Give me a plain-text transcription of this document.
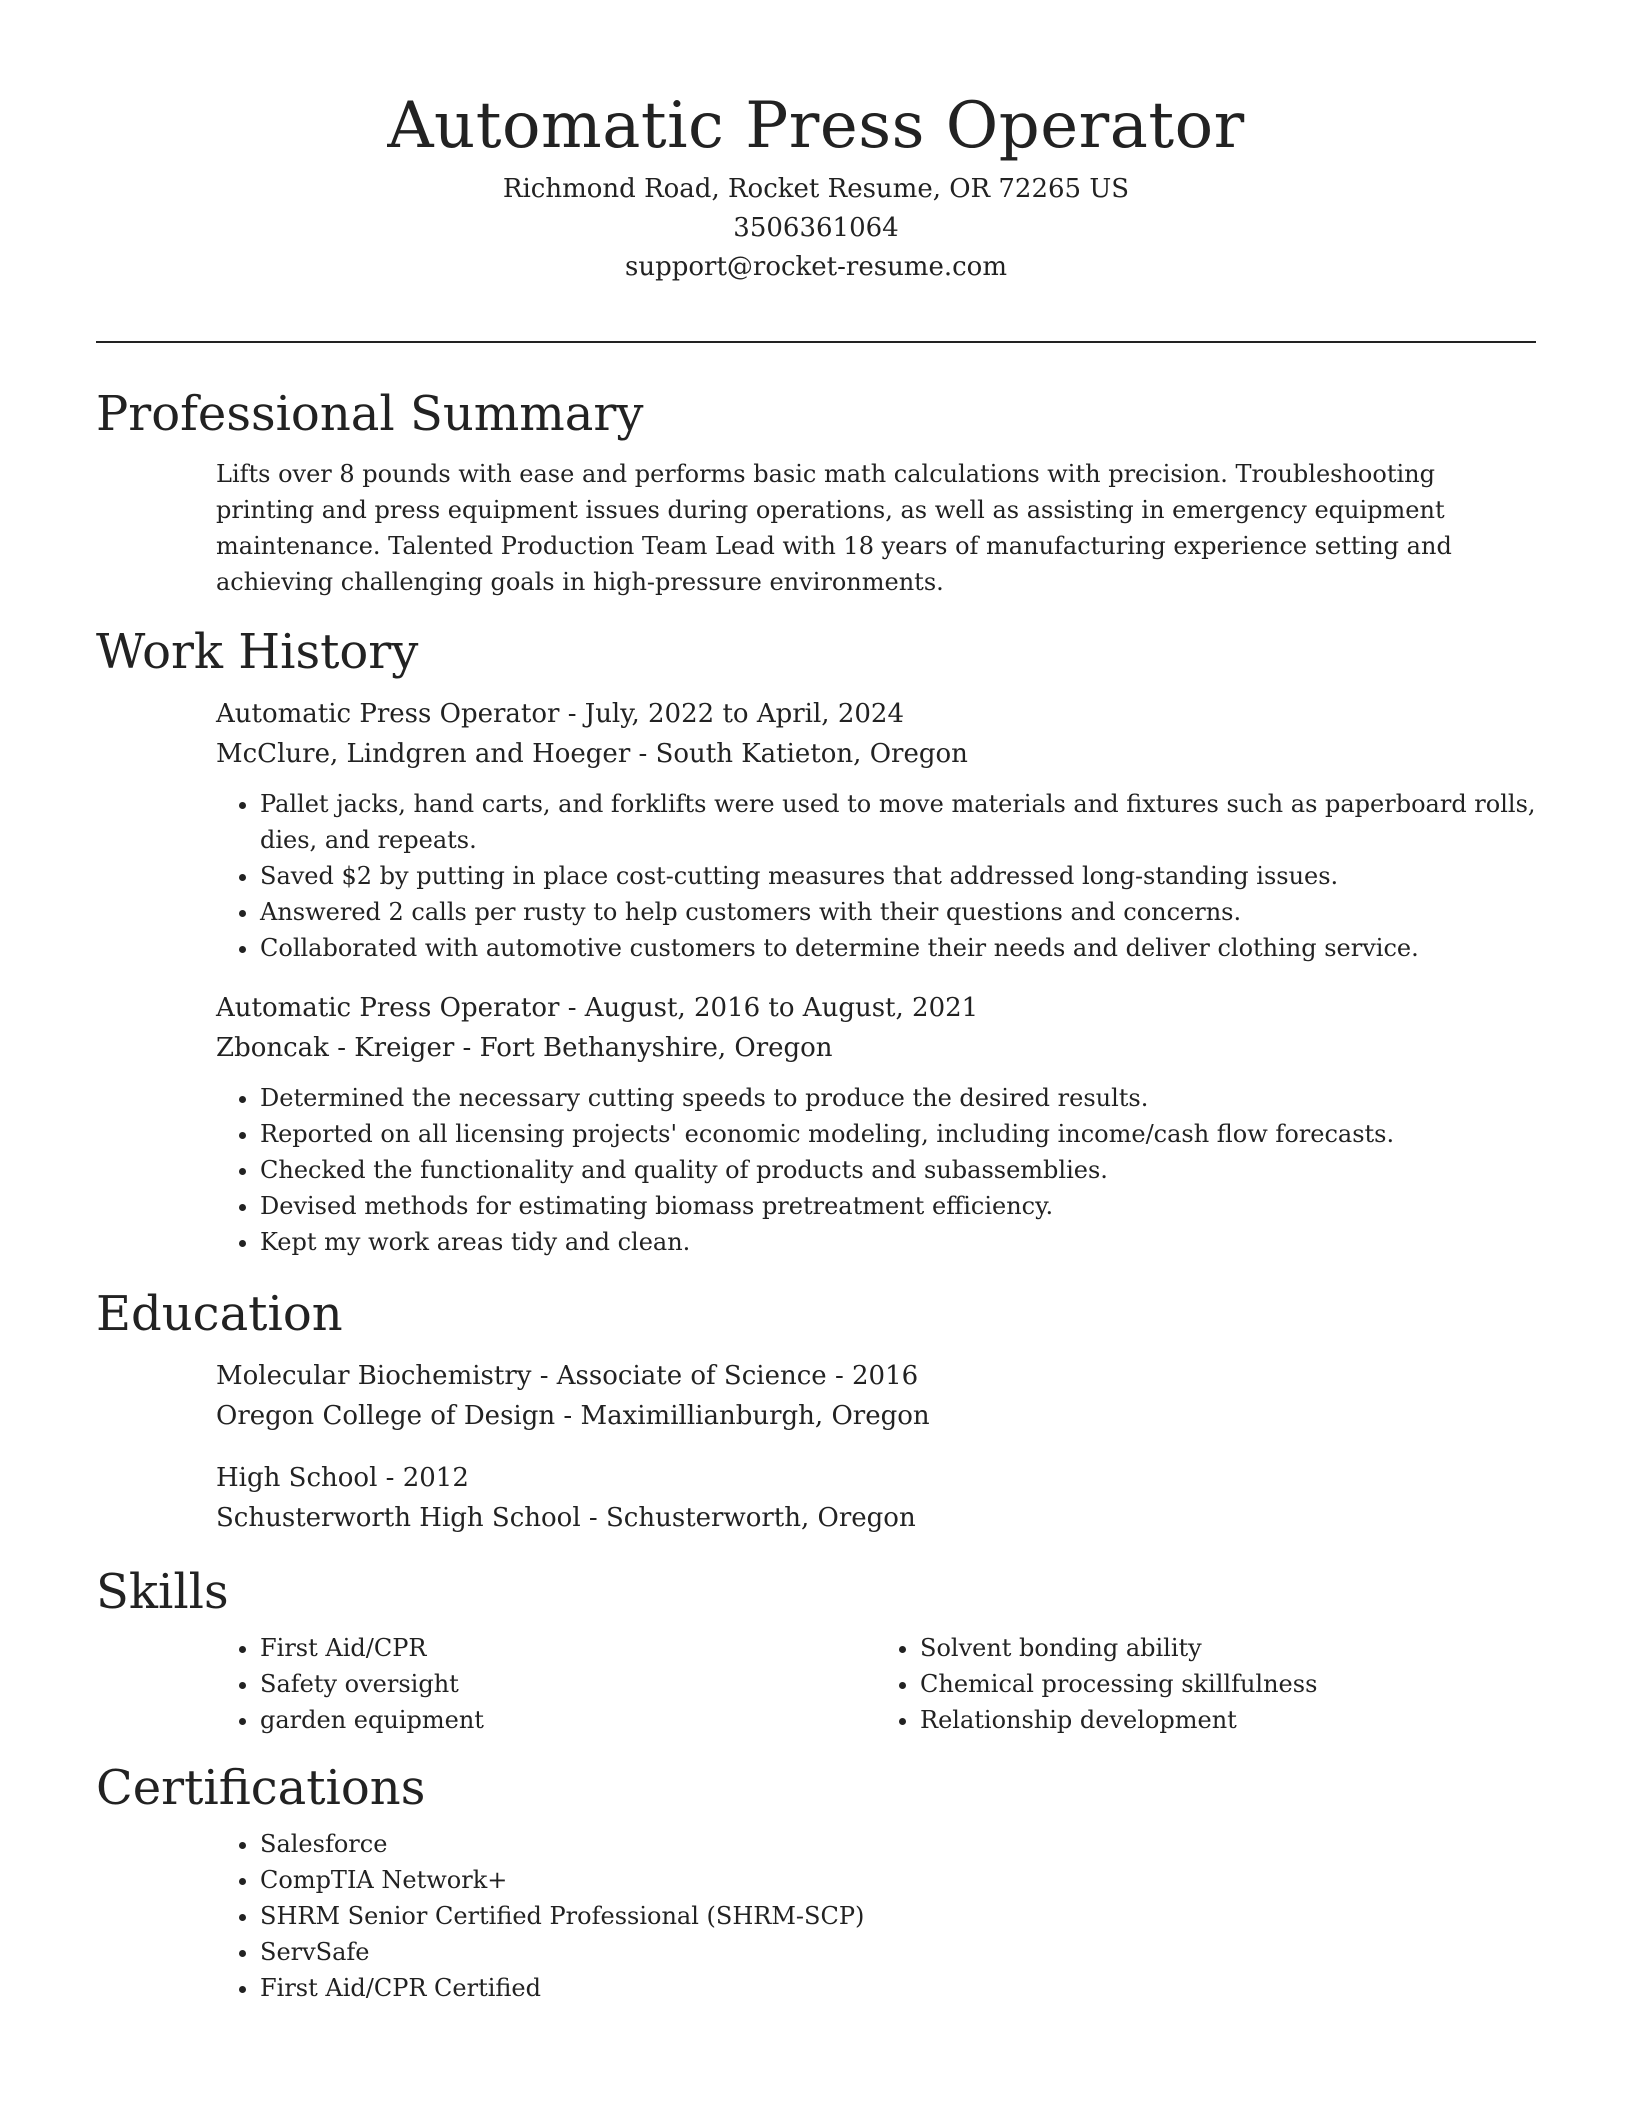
Automatic Press Operator
Richmond Road, Rocket Resume, OR 72265 US
3506361064
support@rocket-resume.com
Professional Summary

Lifts over 8 pounds with ease and performs basic math calculations with precision. Troubleshooting printing and press equipment issues during operations, as well as assisting in emergency equipment maintenance. Talented Production Team Lead with 18 years of manufacturing experience setting and achieving challenging goals in high-pressure environments.

Work History
Automatic Press Operator - July, 2022 to April, 2024
McClure, Lindgren and Hoeger - South Katieton, Oregon
• Pallet jacks, hand carts, and forklifts were used to move materials and fixtures such as paperboard rolls, dies, and repeats.
• Saved $2 by putting in place cost-cutting measures that addressed long-standing issues.
• Answered 2 calls per rusty to help customers with their questions and concerns.
• Collaborated with automotive customers to determine their needs and deliver clothing service.
Automatic Press Operator - August, 2016 to August, 2021
Zboncak - Kreiger - Fort Bethanyshire, Oregon
• Determined the necessary cutting speeds to produce the desired results.
• Reported on all licensing projects' economic modeling, including income/cash flow forecasts.
• Checked the functionality and quality of products and subassemblies.
• Devised methods for estimating biomass pretreatment efficiency.
• Kept my work areas tidy and clean.
Education
Molecular Biochemistry - Associate of Science - 2016
Oregon College of Design - Maximillianburgh, Oregon
High School - 2012
Schusterworth High School - Schusterworth, Oregon
Skills
• First Aid/CPR
• Safety oversight
• garden equipment
• Solvent bonding ability
• Chemical processing skillfulness
• Relationship development
Certifications
• Salesforce
• CompTIA Network+
• SHRM Senior Certified Professional (SHRM-SCP)
• ServSafe
• First Aid/CPR Certified
